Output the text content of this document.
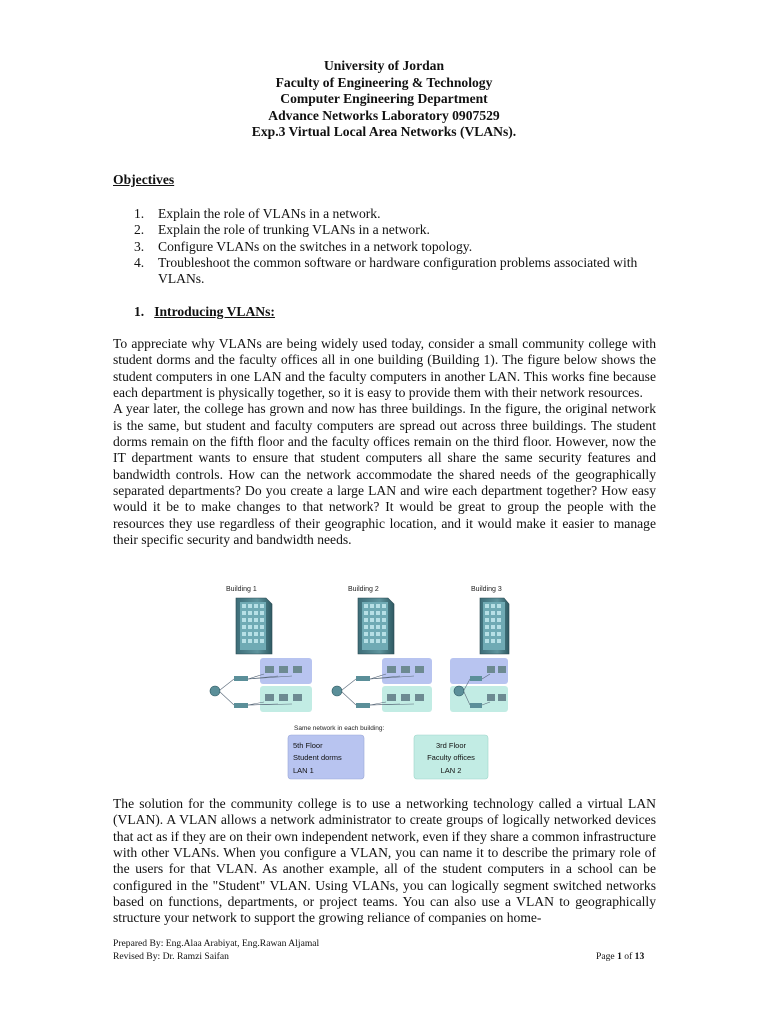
University of Jordan
Faculty of Engineering & Technology
Computer Engineering Department
Advance Networks Laboratory 0907529
Exp.3 Virtual Local Area Networks (VLANs).
Objectives
1. Explain the role of VLANs in a network.
2. Explain the role of trunking VLANs in a network.
3. Configure VLANs on the switches in a network topology.
4. Troubleshoot the common software or hardware configuration problems associated with VLANs.
1. Introducing VLANs:
To appreciate why VLANs are being widely used today, consider a small community college with student dorms and the faculty offices all in one building (Building 1). The figure below shows the student computers in one LAN and the faculty computers in another LAN. This works fine because each department is physically together, so it is easy to provide them with their network resources.
A year later, the college has grown and now has three buildings. In the figure, the original network is the same, but student and faculty computers are spread out across three buildings. The student dorms remain on the fifth floor and the faculty offices remain on the third floor. However, now the IT department wants to ensure that student computers all share the same security features and bandwidth controls. How can the network accommodate the shared needs of the geographically separated departments? Do you create a large LAN and wire each department together? How easy would it be to make changes to that network? It would be great to group the people with the resources they use regardless of their geographic location, and it would make it easier to manage their specific security and bandwidth needs.
Building 1	Building 2	Building 3
Same network in each building:
5th Floor
Student dorms
LAN 1
3rd Floor
Faculty offices
LAN 2

The solution for the community college is to use a networking technology called a virtual LAN (VLAN). A VLAN allows a network administrator to create groups of logically networked devices that act as if they are on their own independent network, even if they share a common infrastructure with other VLANs. When you configure a VLAN, you can name it to describe the primary role of the users for that VLAN. As another example, all of the student computers in a school can be configured in the "Student" VLAN. Using VLANs, you can logically segment switched networks based on functions, departments, or project teams. You can also use a VLAN to geographically structure your network to support the growing reliance of companies on home-

Prepared By: Eng.Alaa Arabiyat, Eng.Rawan Aljamal
Revised By: Dr. Ramzi Saifan	Page 1 of 13
